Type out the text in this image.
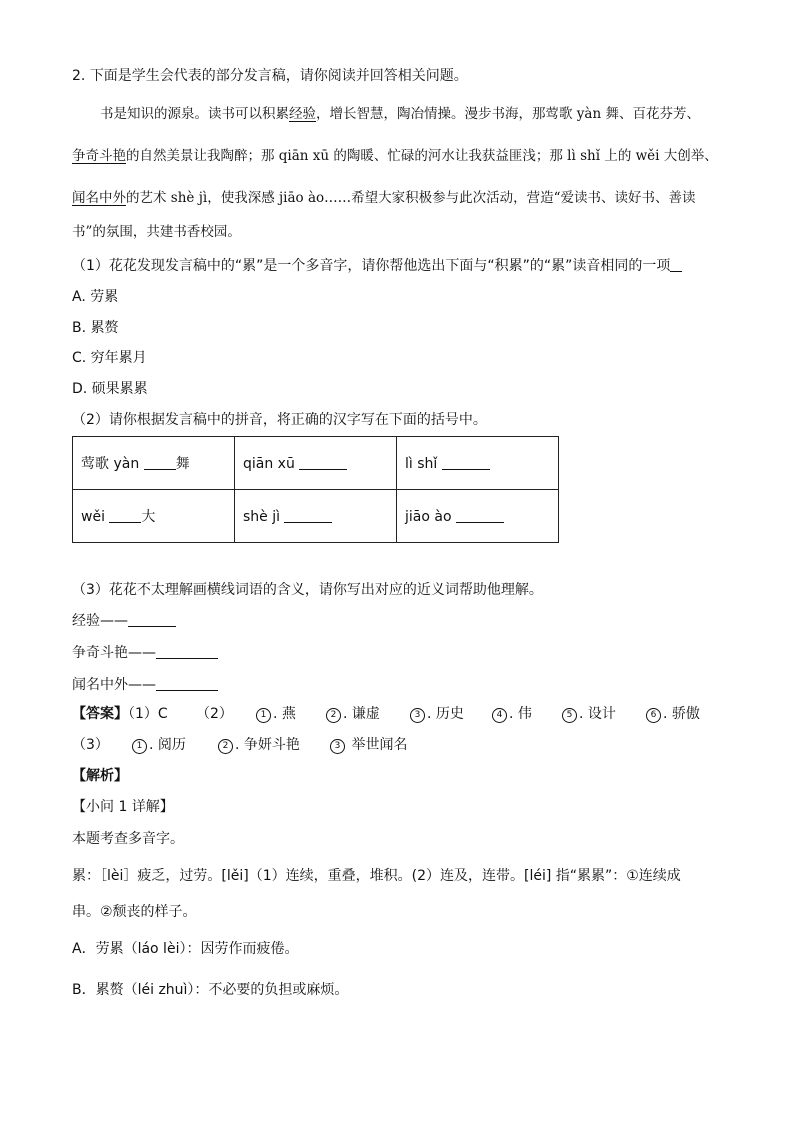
2. 下面是学生会代表的部分发言稿，请你阅读并回答相关问题。
书是知识的源泉。读书可以积累经验，增长智慧，陶冶情操。漫步书海，那莺歌 yàn 舞、百花芬芳、
争奇斗艳的自然美景让我陶醉；那 qiān xū 的陶暖、忙碌的河水让我获益匪浅；那 lì shǐ 上的 wěi 大创举、
闻名中外的艺术 shè jì，使我深感 jiāo ào……希望大家积极参与此次活动，营造“爱读书、读好书、善读
书”的氛围，共建书香校园。
（1）花花发现发言稿中的“累”是一个多音字，请你帮他选出下面与“积累”的“累”读音相同的一项
A. 劳累
B. 累赘
C. 穷年累月
D. 硕果累累
（2）请你根据发言稿中的拼音，将正确的汉字写在下面的括号中。
莺歌 yàn 舞	qiān xū	lì shǐ
wěi 大	shè jì	jiāo ào
（3）花花不太理解画横线词语的含义，请你写出对应的近义词帮助他理解。
经验——
争奇斗艳——
闻名中外——
【答案】（1）C （2）	1 . 燕	2 . 谦虚	3 . 历史	4 . 伟	5 . 设计	6 . 骄傲
（3）	1 . 阅历	2 . 争妍斗艳	3 举世闻名
【解析】
【小问 1 详解】
本题考查多音字。
累：［lèi］疲乏，过劳。[lěi]（1）连续，重叠，堆积。(2）连及，连带。[léi] 指“累累”：①连续成
串。②颓丧的样子。
A．劳累（láo lèi）：因劳作而疲倦。
B．累赘（léi zhuì）：不必要的负担或麻烦。
